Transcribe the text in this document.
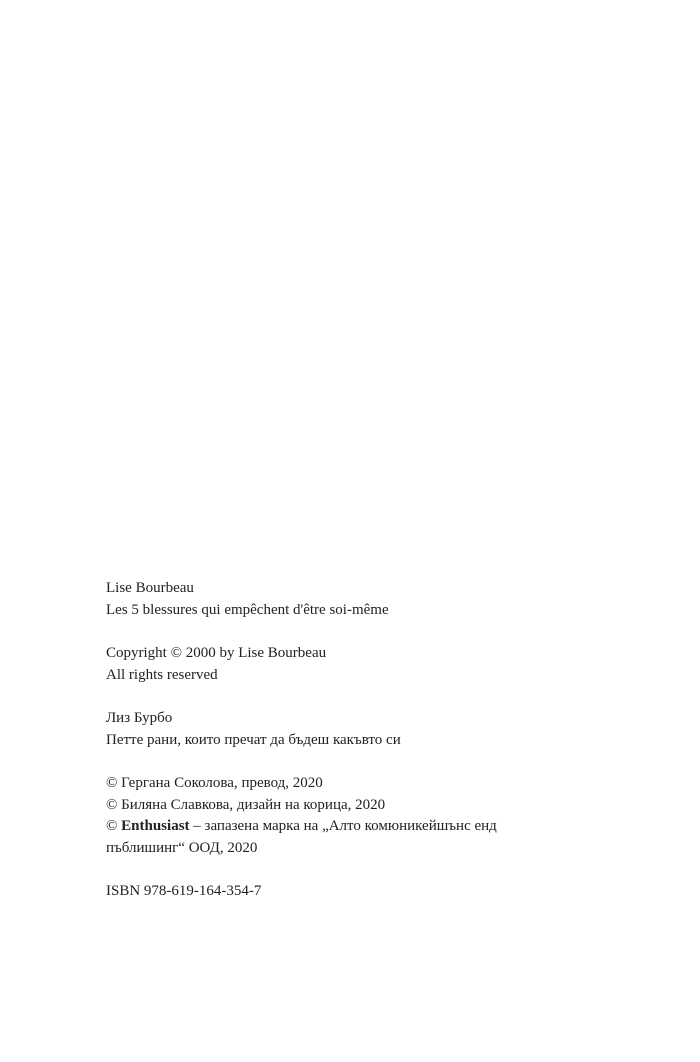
Lise Bourbeau
Les 5 blessures qui empêchent d'être soi-même
Copyright © 2000 by Lise Bourbeau
All rights reserved
Лиз Бурбо
Петте рани, които пречат да бъдеш какъвто си
© Гергана Соколова, превод, 2020
© Биляна Славкова, дизайн на корица, 2020
© Enthusiast – запазена марка на „Алто комюникейшънс енд
пъблишинг“ ООД, 2020
ISBN 978-619-164-354-7
